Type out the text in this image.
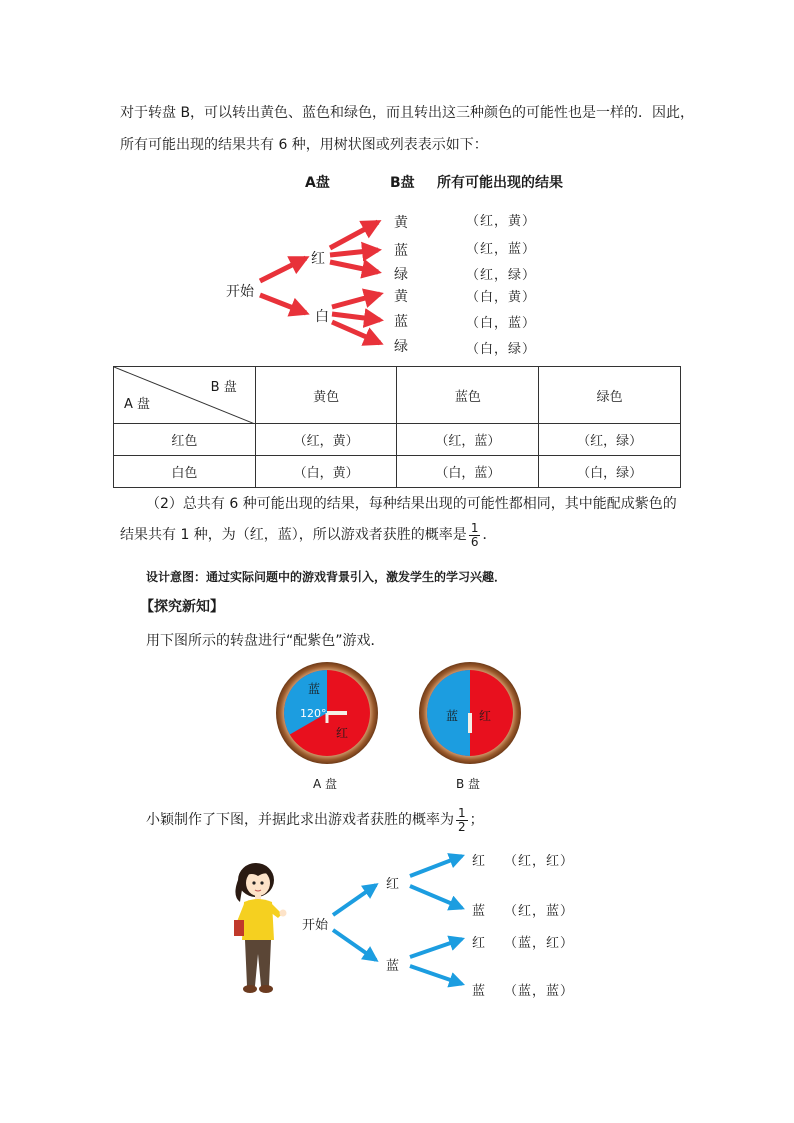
对于转盘 B，可以转出黄色、蓝色和绿色，而且转出这三种颜色的可能性也是一样的．因此，
所有可能出现的结果共有 6 种，用树状图或列表表示如下：
A盘	B盘 所有可能出现的结果
开始
红
白
黄
蓝
绿
黄
蓝
绿
（红，黄）
（红，蓝）
（红，绿）
（白，黄）
（白，蓝）
（白，绿）
B 盘
A 盘	黄色	蓝色	绿色
红色	（红，黄）	（红，蓝）	（红，绿）
白色	（白，黄）	（白，蓝）	（白，绿）
（2）总共有 6 种可能出现的结果，每种结果出现的可能性都相同，其中能配成紫色的
结果共有 1 种，为（红，蓝），所以游戏者获胜的概率是 $\frac{1}{6}$ ．
设计意图：通过实际问题中的游戏背景引入，激发学生的学习兴趣．
【探究新知】
用下图所示的转盘进行“配紫色”游戏．
蓝
120°
红
蓝 红
A 盘	B 盘
小颖制作了下图，并据此求出游戏者获胜的概率为 $\frac{1}{2}$ ；
开始
红
蓝
红
蓝
红
蓝
（红，红）
（红，蓝）
（蓝，红）
（蓝，蓝）
